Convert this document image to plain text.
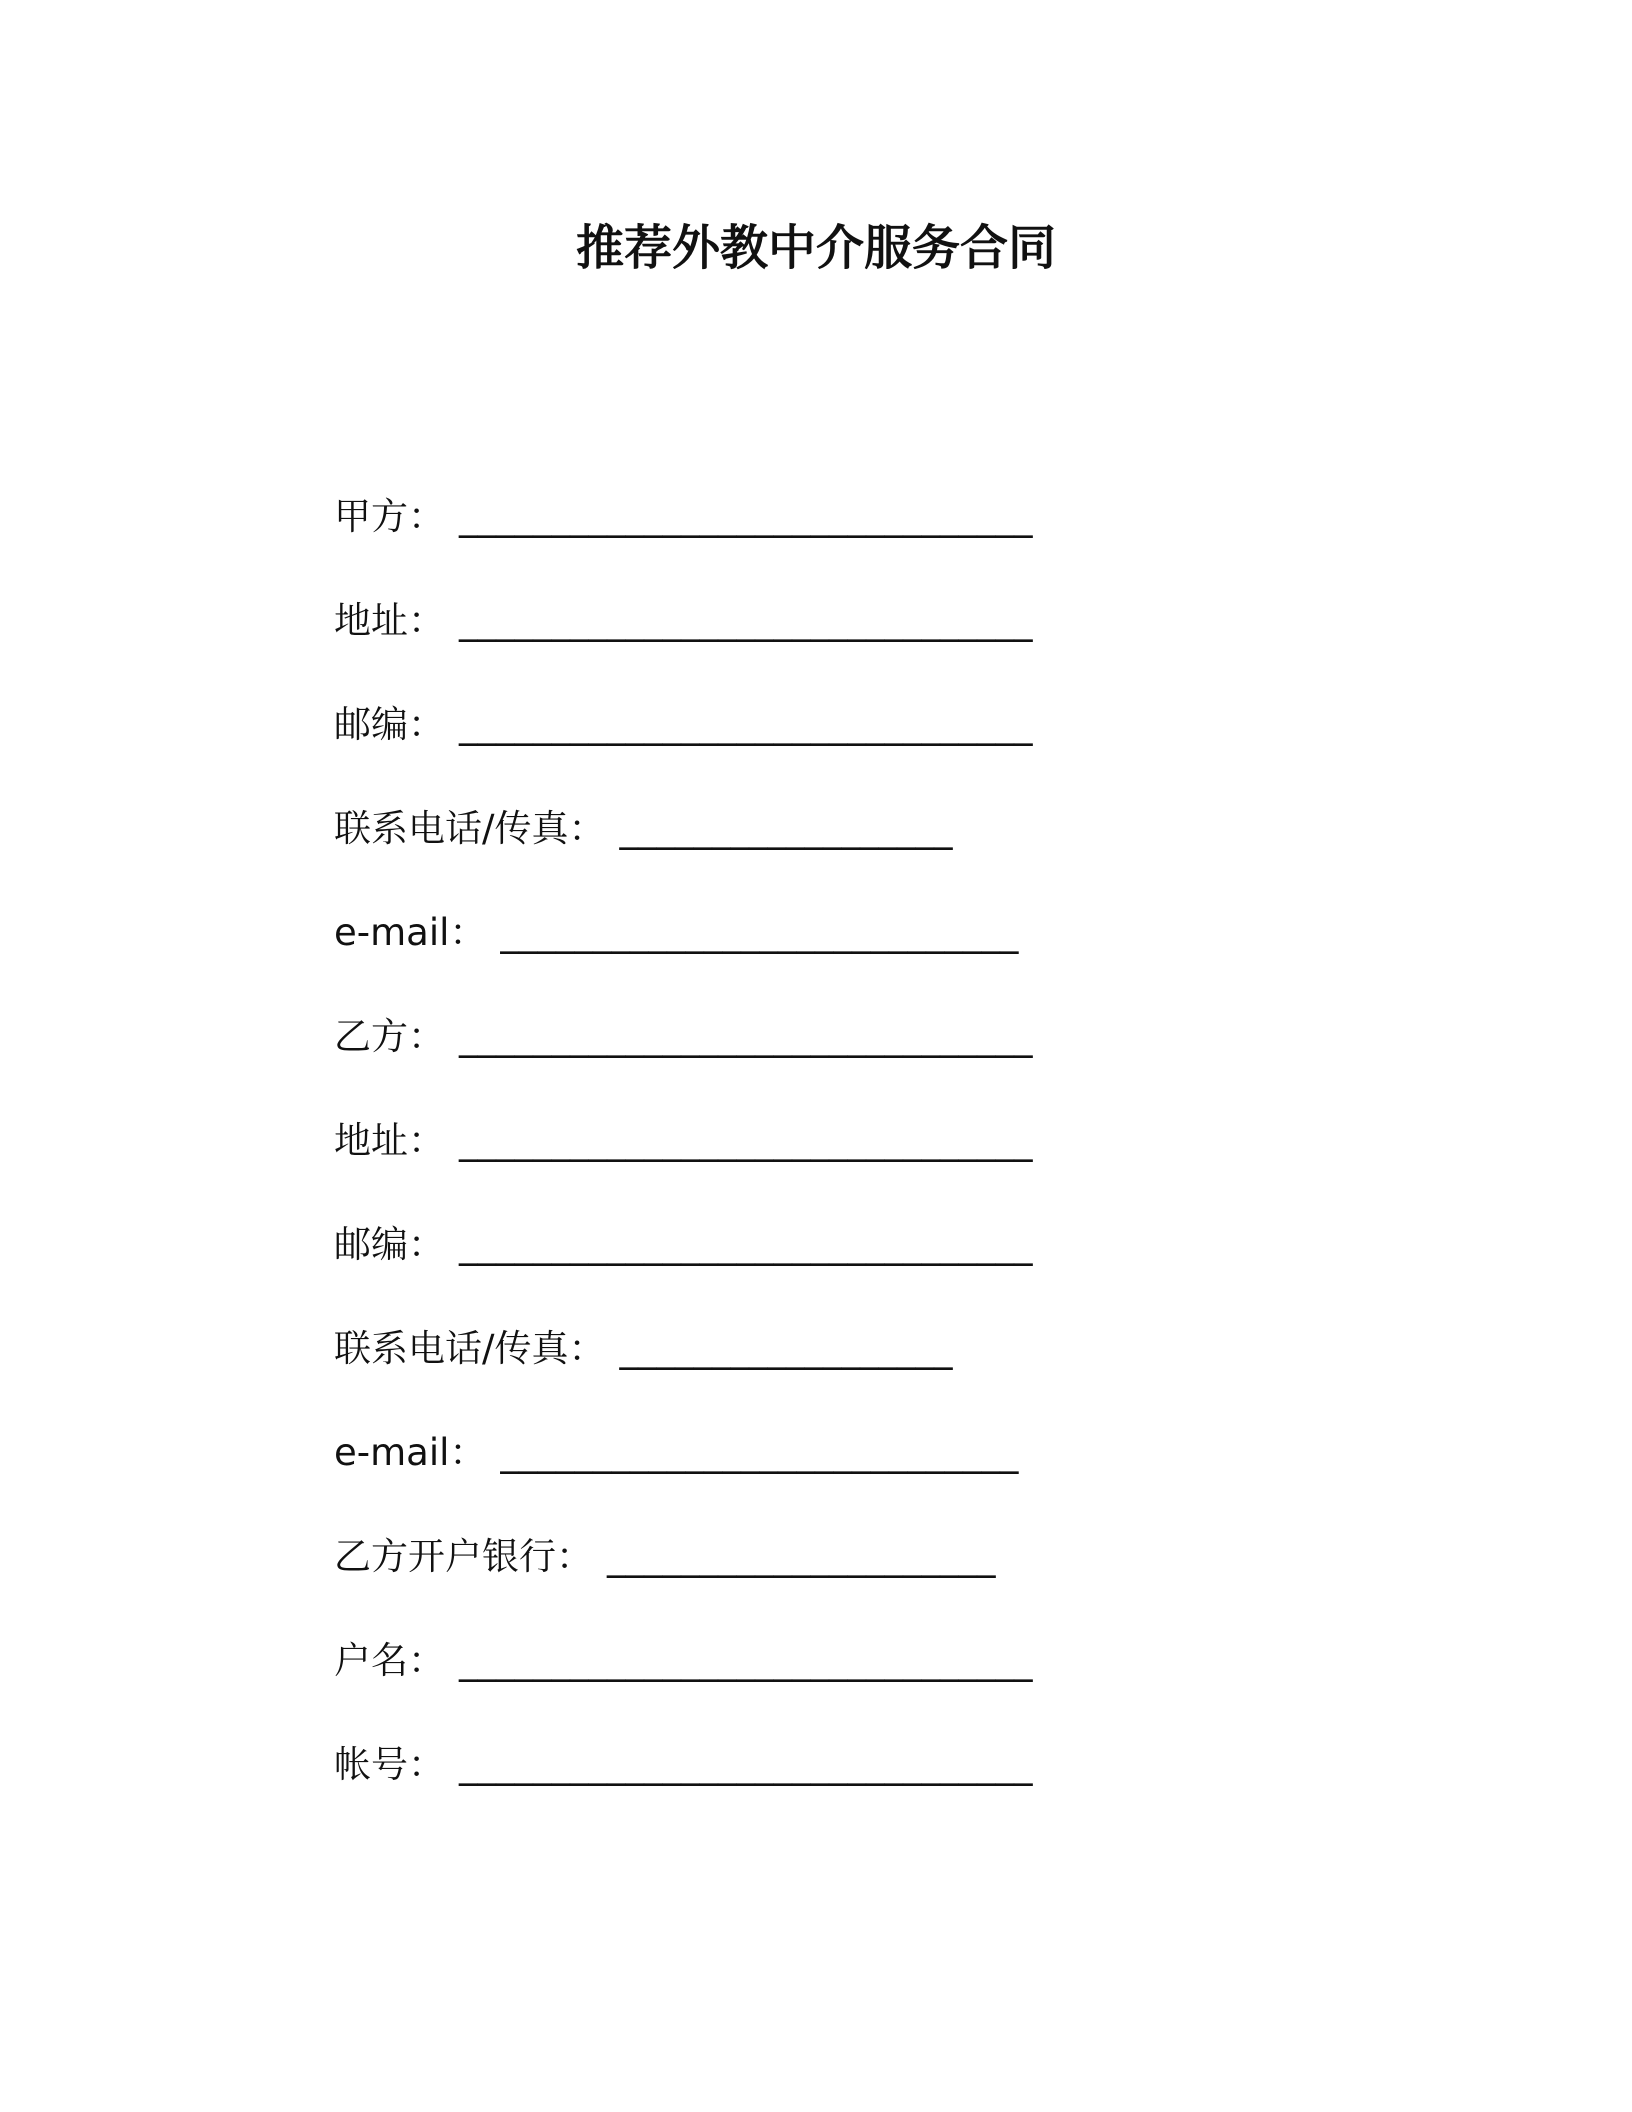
推荐外教中介服务合同
甲方： _______________________________
地址： _______________________________
邮编： _______________________________
联系电话/传真： __________________
e-mail： ____________________________
乙方： _______________________________
地址： _______________________________
邮编： _______________________________
联系电话/传真： __________________
e-mail： ____________________________
乙方开户银行： _____________________
户名： _______________________________
帐号： _______________________________
